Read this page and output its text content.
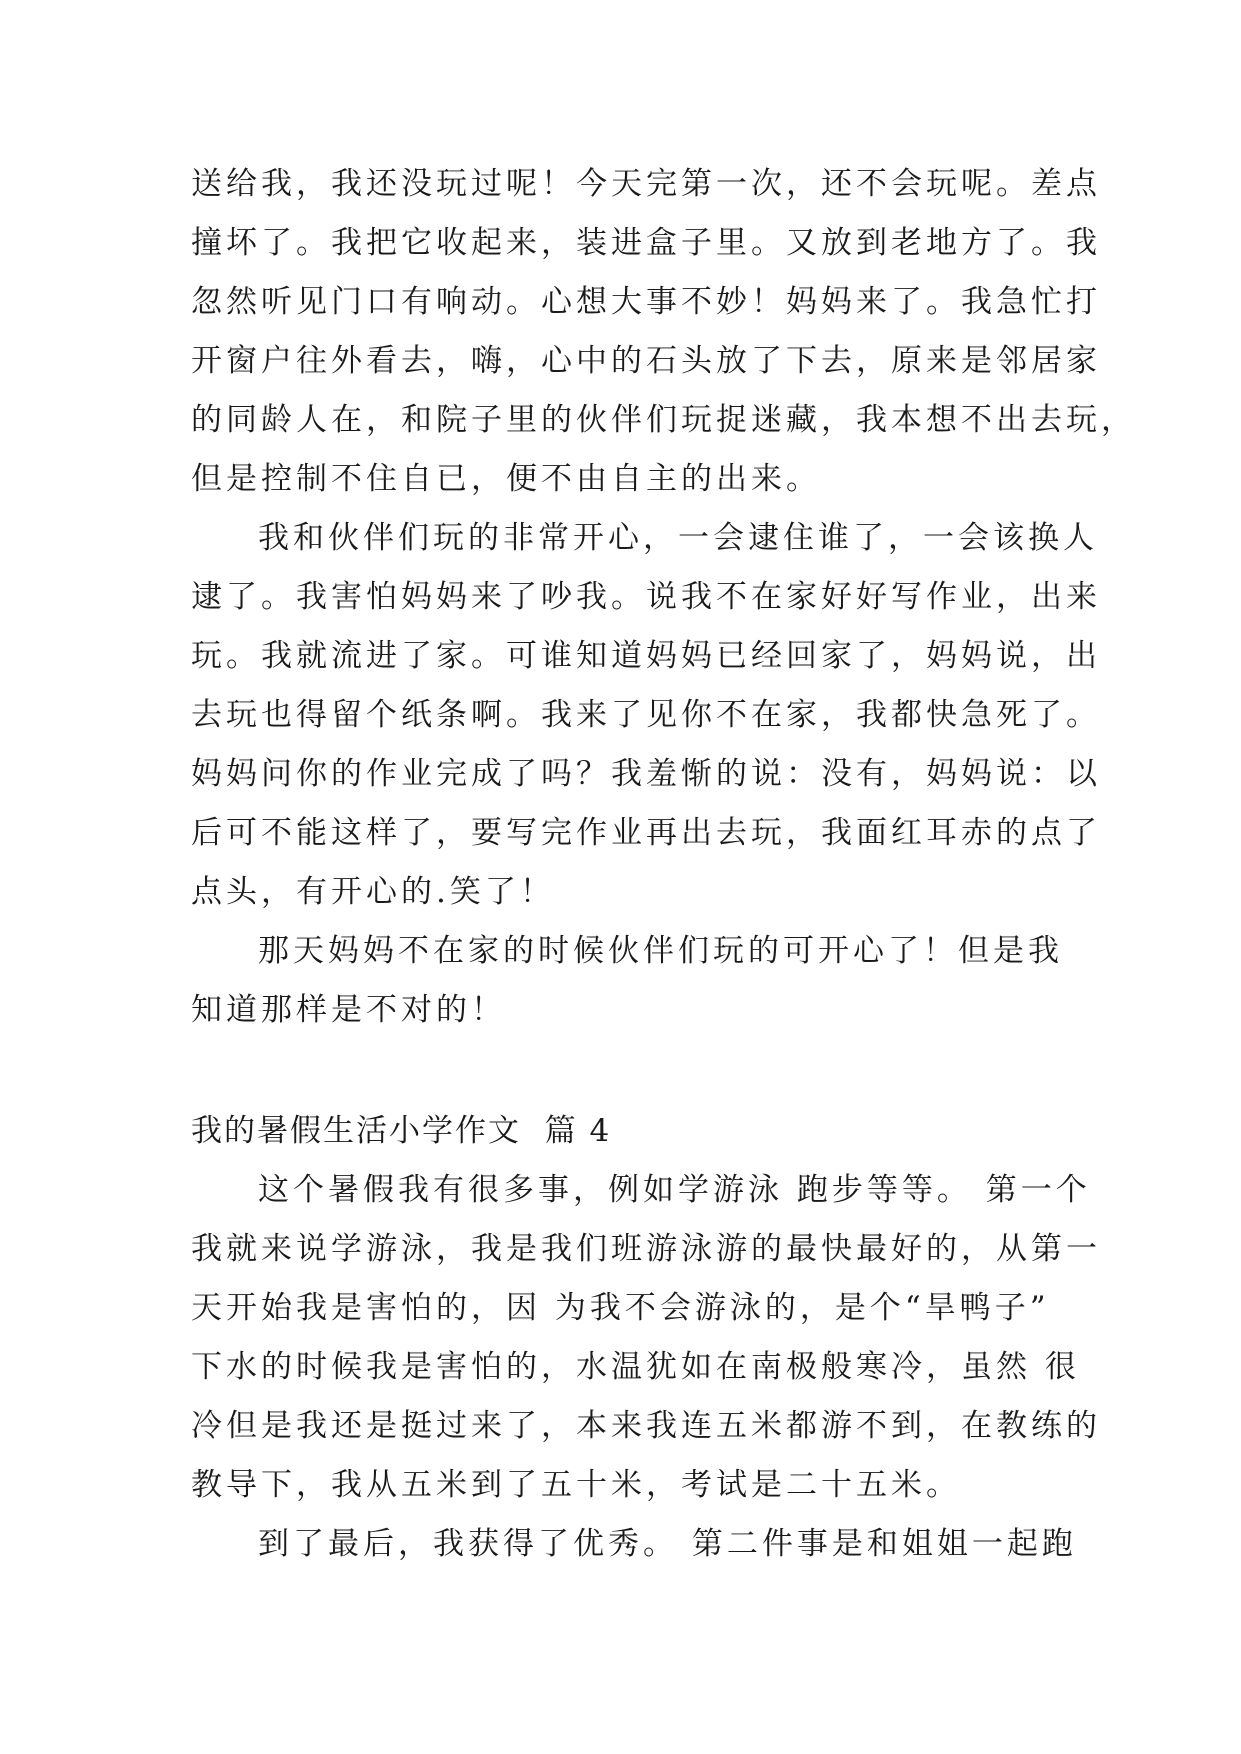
送给我，我还没玩过呢！今天完第一次，还不会玩呢。差点
撞坏了。我把它收起来，装进盒子里。又放到老地方了。我
忽然听见门口有响动。心想大事不妙！妈妈来了。我急忙打
开窗户往外看去，嗨，心中的石头放了下去，原来是邻居家
的同龄人在，和院子里的伙伴们玩捉迷藏，我本想不出去玩，
但是控制不住自已，便不由自主的出来。
我和伙伴们玩的非常开心，一会逮住谁了，一会该换人
逮了。我害怕妈妈来了吵我。说我不在家好好写作业，出来
玩。我就流进了家。可谁知道妈妈已经回家了，妈妈说，出
去玩也得留个纸条啊。我来了见你不在家，我都快急死了。
妈妈问你的作业完成了吗？我羞惭的说：没有，妈妈说：以
后可不能这样了，要写完作业再出去玩，我面红耳赤的点了
点头，有开心的.笑了！
那天妈妈不在家的时候伙伴们玩的可开心了！但是我
知道那样是不对的！
我的暑假生活小学作文  篇 4
这个暑假我有很多事，例如学游泳 跑步等等。 第一个
我就来说学游泳，我是我们班游泳游的最快最好的，从第一
天开始我是害怕的，因 为我不会游泳的，是个“旱鸭子”
下水的时候我是害怕的，水温犹如在南极般寒冷，虽然 很
冷但是我还是挺过来了，本来我连五米都游不到，在教练的
教导下，我从五米到了五十米，考试是二十五米。
到了最后，我获得了优秀。 第二件事是和姐姐一起跑
